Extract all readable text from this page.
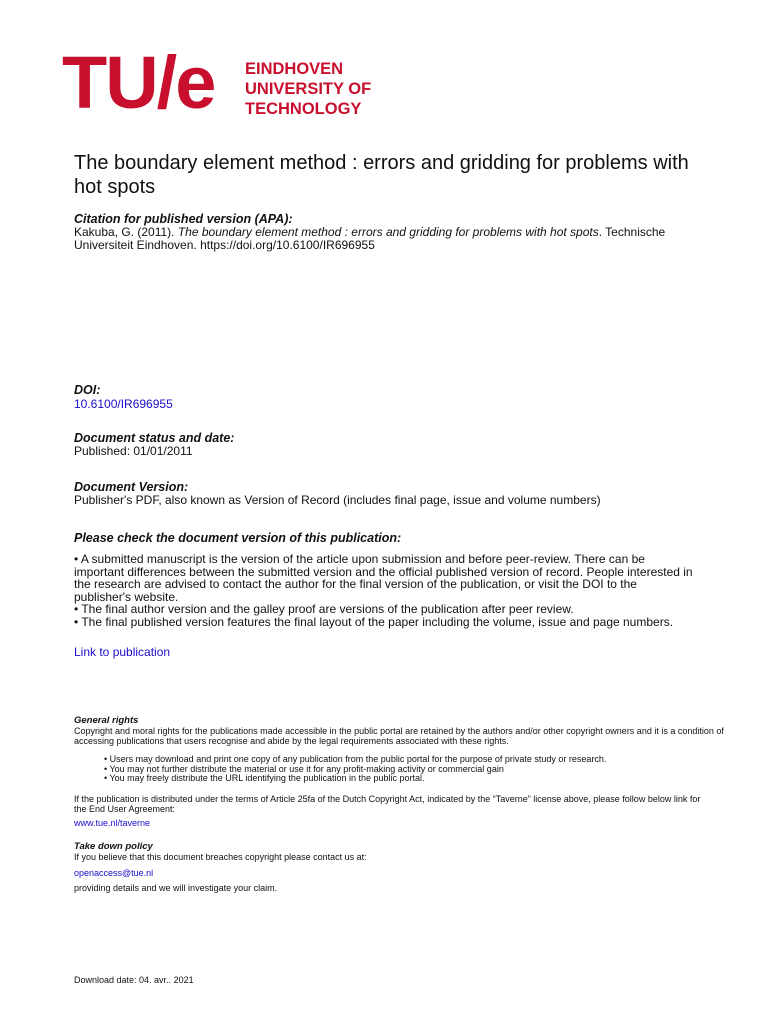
TU/e EINDHOVEN
UNIVERSITY OF
TECHNOLOGY
The boundary element method : errors and gridding for problems with hot spots
Citation for published version (APA):
Kakuba, G. (2011). The boundary element method : errors and gridding for problems with hot spots. Technische Universiteit Eindhoven. https://doi.org/10.6100/IR696955
DOI:
10.6100/IR696955
Document status and date:
Published: 01/01/2011
Document Version:
Publisher's PDF, also known as Version of Record (includes final page, issue and volume numbers)
Please check the document version of this publication:
• A submitted manuscript is the version of the article upon submission and before peer-review. There can be important differences between the submitted version and the official published version of record. People interested in the research are advised to contact the author for the final version of the publication, or visit the DOI to the publisher's website.
• The final author version and the galley proof are versions of the publication after peer review.
• The final published version features the final layout of the paper including the volume, issue and page numbers.
Link to publication
General rights
Copyright and moral rights for the publications made accessible in the public portal are retained by the authors and/or other copyright owners and it is a condition of accessing publications that users recognise and abide by the legal requirements associated with these rights.
• Users may download and print one copy of any publication from the public portal for the purpose of private study or research.
• You may not further distribute the material or use it for any profit-making activity or commercial gain
• You may freely distribute the URL identifying the publication in the public portal.
If the publication is distributed under the terms of Article 25fa of the Dutch Copyright Act, indicated by the “Taverne” license above, please follow below link for the End User Agreement:
www.tue.nl/taverne
Take down policy
If you believe that this document breaches copyright please contact us at:
openaccess@tue.nl
providing details and we will investigate your claim.
Download date: 04. avr.. 2021
